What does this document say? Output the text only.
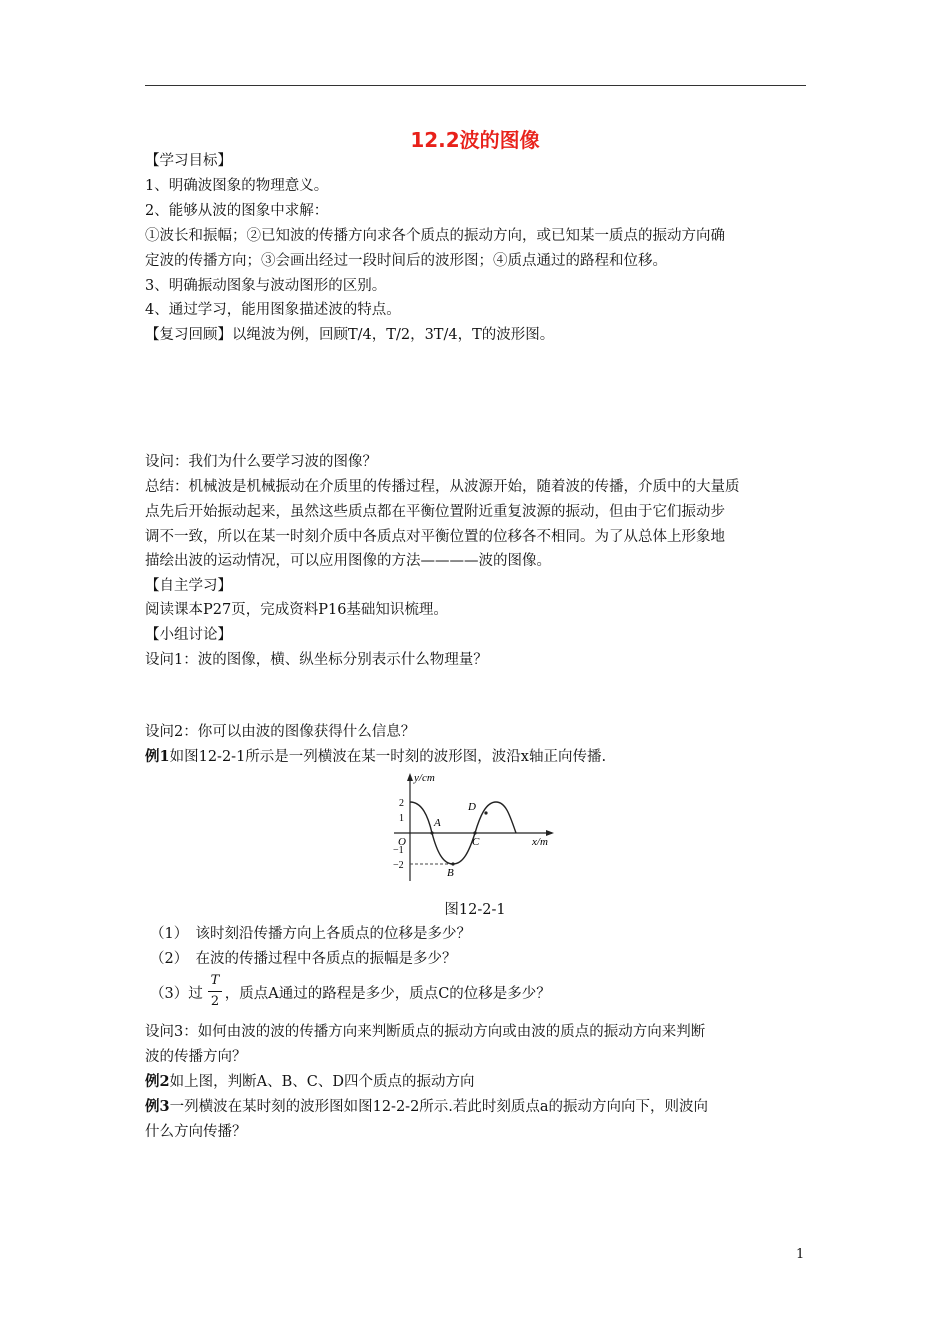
12.2波的图像
【学习目标】
1、明确波图象的物理意义。
2、能够从波的图象中求解：
①波长和振幅；②已知波的传播方向求各个质点的振动方向，或已知某一质点的振动方向确
定波的传播方向；③会画出经过一段时间后的波形图；④质点通过的路程和位移。
3、明确振动图象与波动图形的区别。
4、通过学习，能用图象描述波的特点。
【复习回顾】以绳波为例，回顾T/4，T/2，3T/4，T的波形图。
设问：我们为什么要学习波的图像？
总结：机械波是机械振动在介质里的传播过程，从波源开始，随着波的传播，介质中的大量质
点先后开始振动起来，虽然这些质点都在平衡位置附近重复波源的振动，但由于它们振动步
调不一致，所以在某一时刻介质中各质点对平衡位置的位移各不相同。为了从总体上形象地
描绘出波的运动情况，可以应用图像的方法————波的图像。
【自主学习】
阅读课本P27页，完成资料P16基础知识梳理。
【小组讨论】
设问1：波的图像，横、纵坐标分别表示什么物理量？
设问2：你可以由波的图像获得什么信息？
例1如图12-2-1所示是一列横波在某一时刻的波形图，波沿x轴正向传播.
y/cm
x/m
O
2
1
−1
−2
A
B
C
D
图12-2-1
（1）　该时刻沿传播方向上各质点的位移是多少？
（2）　在波的传播过程中各质点的振幅是多少？
（3）过 ，质点A通过的路程是多少，质点C的位移是多少？
T
2
设问3：如何由波的波的传播方向来判断质点的振动方向或由波的质点的振动方向来判断
波的传播方向？
例2如上图，判断A、B、C、D四个质点的振动方向
例3一列横波在某时刻的波形图如图12-2-2所示.若此时刻质点a的振动方向向下，则波向
什么方向传播？
1
